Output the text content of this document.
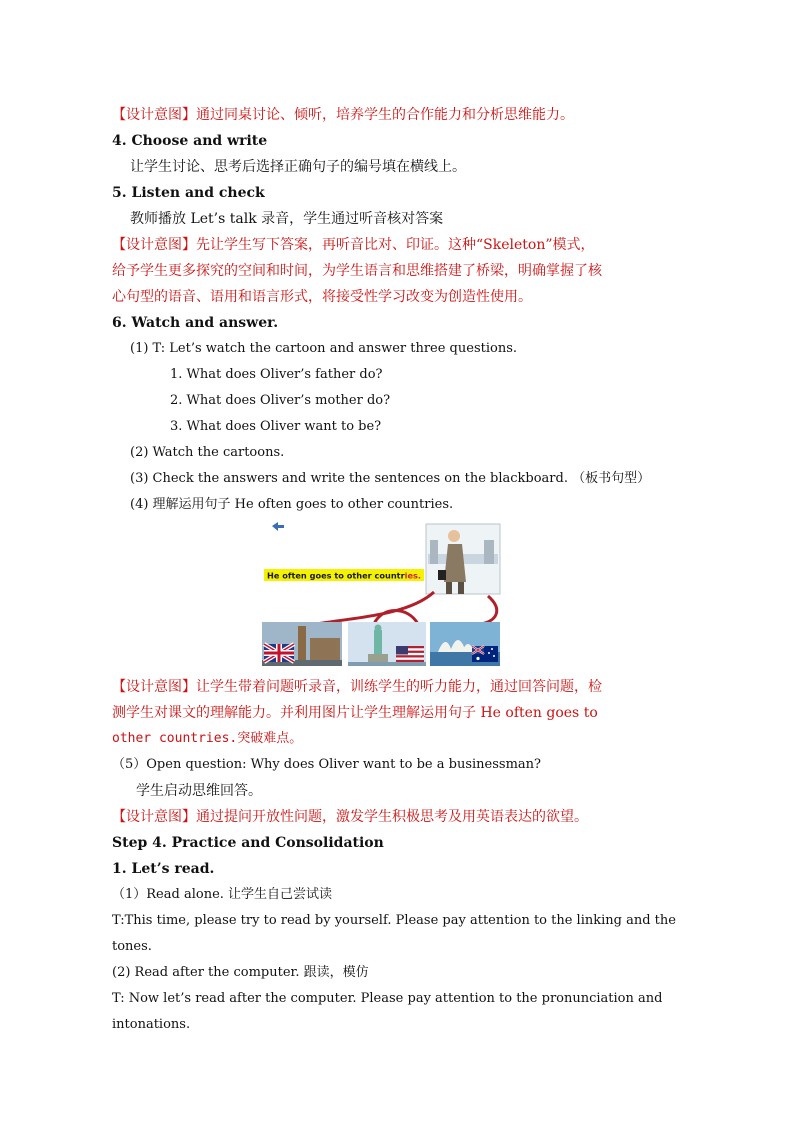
【设计意图】通过同桌讨论、倾听，培养学生的合作能力和分析思维能力。
4. Choose and write
让学生讨论、思考后选择正确句子的编号填在横线上。
5. Listen and check
教师播放 Let’s talk 录音，学生通过听音核对答案
【设计意图】先让学生写下答案，再听音比对、印证。这种“Skeleton”模式，
给予学生更多探究的空间和时间，为学生语言和思维搭建了桥梁，明确掌握了核
心句型的语音、语用和语言形式，将接受性学习改变为创造性使用。
6. Watch and answer.
(1) T: Let’s watch the cartoon and answer three questions.
1. What does Oliver’s father do?
2. What does Oliver’s mother do?
3. What does Oliver want to be?
(2) Watch the cartoons.
(3) Check the answers and write the sentences on the blackboard. （板书句型）
(4) 理解运用句子 He often goes to other countries.
He often goes to other countries.
【设计意图】让学生带着问题听录音，训练学生的听力能力，通过回答问题，检
测学生对课文的理解能力。并利用图片让学生理解运用句子 He often goes to
other countries.突破难点。
（5）Open question: Why does Oliver want to be a businessman?
学生启动思维回答。
【设计意图】通过提问开放性问题，激发学生积极思考及用英语表达的欲望。
Step 4. Practice and Consolidation
1. Let’s read.
（1）Read alone. 让学生自己尝试读
T:This time, please try to read by yourself. Please pay attention to the linking and the
tones.
(2) Read after the computer. 跟读，模仿
T: Now let’s read after the computer. Please pay attention to the pronunciation and
intonations.
